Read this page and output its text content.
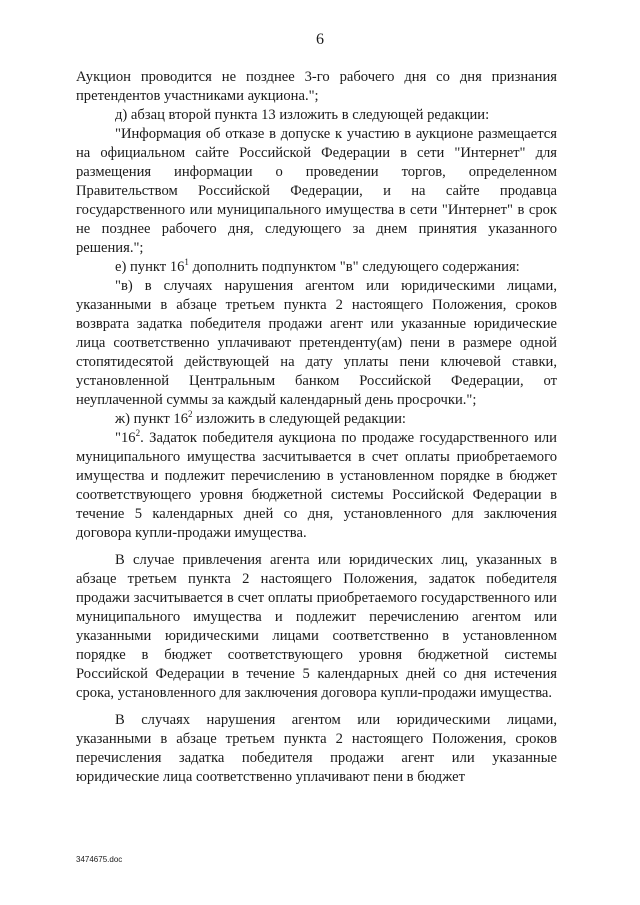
6

Аукцион проводится не позднее 3-го рабочего дня со дня признания претендентов участниками аукциона.";

д) абзац второй пункта 13 изложить в следующей редакции:

"Информация об отказе в допуске к участию в аукционе размещается на официальном сайте Российской Федерации в сети "Интернет" для размещения информации о проведении торгов, определенном Правительством Российской Федерации, и на сайте продавца государственного или муниципального имущества в сети "Интернет" в срок не позднее рабочего дня, следующего за днем принятия указанного решения.";

е) пункт $16^1$ дополнить подпунктом "в" следующего содержания:

"в) в случаях нарушения агентом или юридическими лицами, указанными в абзаце третьем пункта 2 настоящего Положения, сроков возврата задатка победителя продажи агент или указанные юридические лица соответственно уплачивают претенденту(ам) пени в размере одной стопятидесятой действующей на дату уплаты пени ключевой ставки, установленной Центральным банком Российской Федерации, от неуплаченной суммы за каждый календарный день просрочки.";

ж) пункт $16^2$ изложить в следующей редакции:

"$16^2$. Задаток победителя аукциона по продаже государственного или муниципального имущества засчитывается в счет оплаты приобретаемого имущества и подлежит перечислению в установленном порядке в бюджет соответствующего уровня бюджетной системы Российской Федерации в течение 5 календарных дней со дня, установленного для заключения договора купли-продажи имущества.

В случае привлечения агента или юридических лиц, указанных в абзаце третьем пункта 2 настоящего Положения, задаток победителя продажи засчитывается в счет оплаты приобретаемого государственного или муниципального имущества и подлежит перечислению агентом или указанными юридическими лицами соответственно в установленном порядке в бюджет соответствующего уровня бюджетной системы Российской Федерации в течение 5 календарных дней со дня истечения срока, установленного для заключения договора купли-продажи имущества.

В случаях нарушения агентом или юридическими лицами, указанными в абзаце третьем пункта 2 настоящего Положения, сроков перечисления задатка победителя продажи агент или указанные юридические лица соответственно уплачивают пени в бюджет

3474675.doc
